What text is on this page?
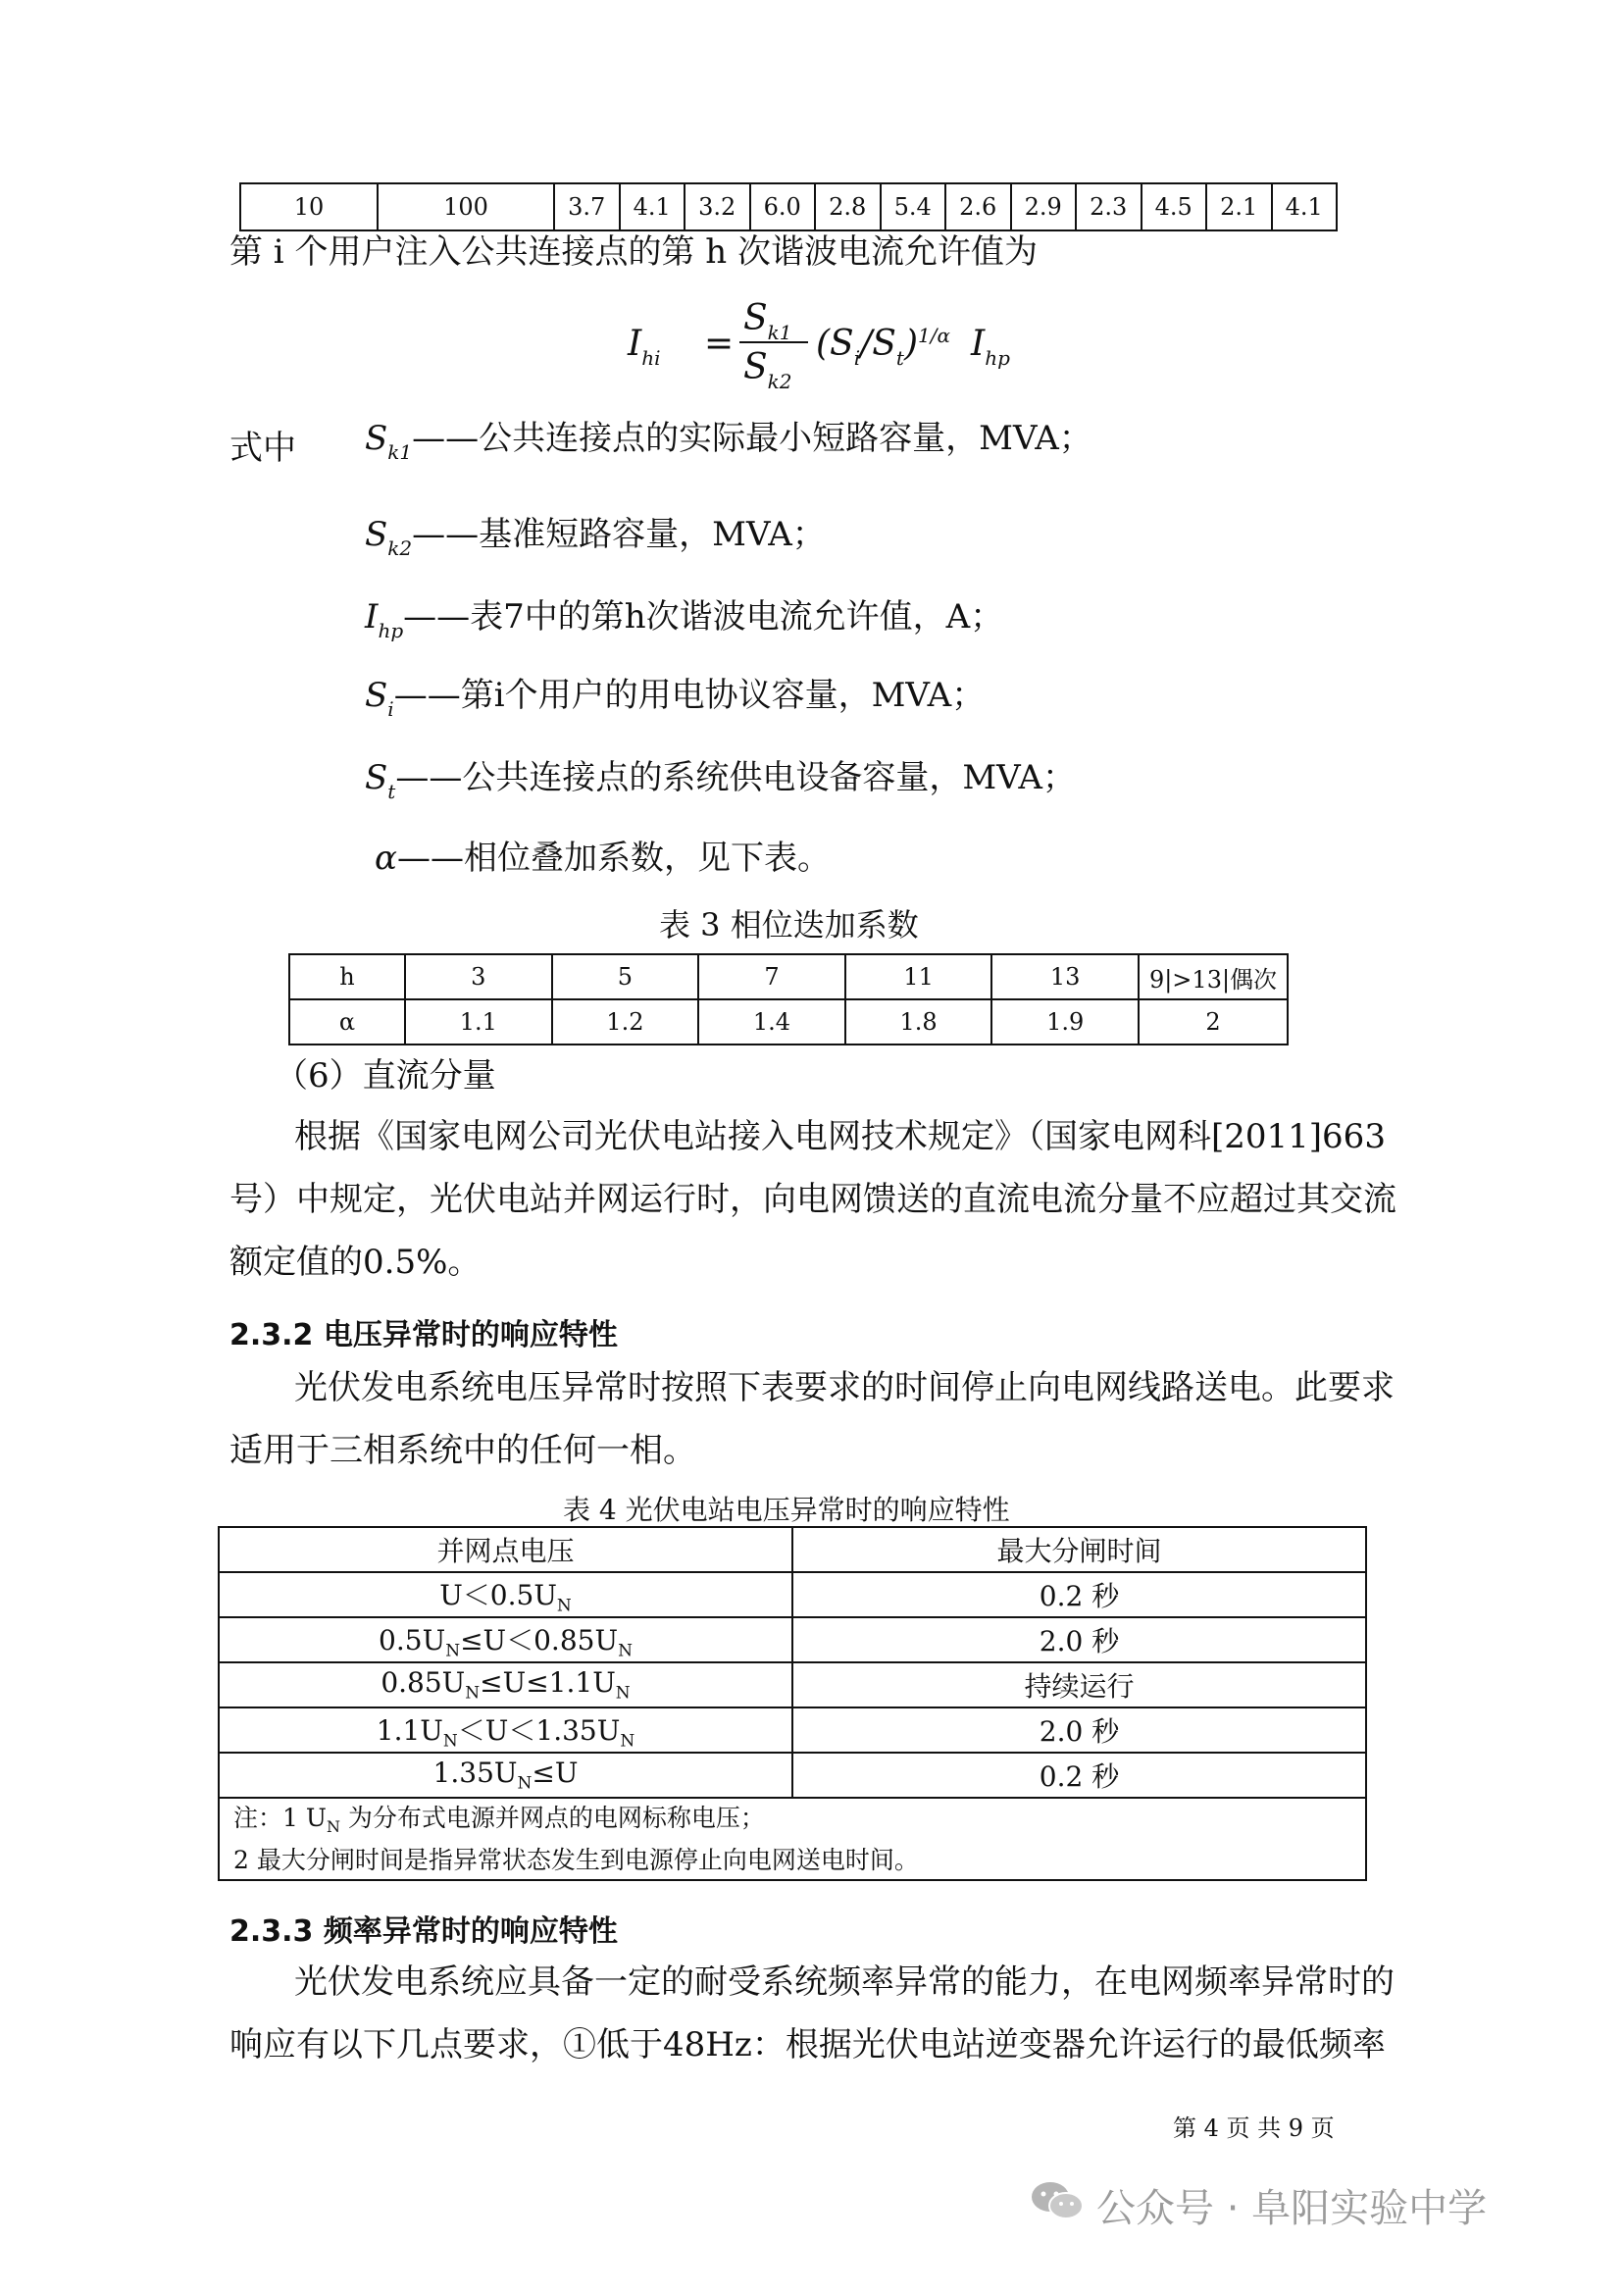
10	100	3.7	4.1	3.2	6.0	2.8	5.4	2.6	2.9	2.3	4.5	2.1	4.1
第 i 个用户注入公共连接点的第 h 次谐波电流允许值为
$I_{hi}$ =
$S_{k1}$
$S_{k2}$
$(S_i/S_t)^{1/\alpha}$ $I_{hp}$
式中 $S_{k1}——$公共连接点的实际最小短路容量，MVA；
$S_{k2}——$基准短路容量，MVA；
$I_{hp}——$表7中的第h次谐波电流允许值，A；
$S_i——$第i个用户的用电协议容量，MVA；
$S_t——$公共连接点的系统供电设备容量，MVA；
α——相位叠加系数，见下表。
表 3 相位迭加系数
h	3	5	7	11	13	9|>13|偶次
α	1.1	1.2	1.4	1.8	1.9	2
（6）直流分量
根据《国家电网公司光伏电站接入电网技术规定》（国家电网科[2011]663
号）中规定，光伏电站并网运行时，向电网馈送的直流电流分量不应超过其交流
额定值的0.5%。
2.3.2 电压异常时的响应特性
光伏发电系统电压异常时按照下表要求的时间停止向电网线路送电。此要求
适用于三相系统中的任何一相。
表 4 光伏电站电压异常时的响应特性
并网点电压	最大分闸时间
$U<0.5U_N$	0.2 秒
$0.5U_N\le U<0.85U_N$	2.0 秒
$0.85U_N\le U\le 1.1U_N$	持续运行
$1.1U_N<U<1.35U_N$	2.0 秒
$1.35U_N\le U$	0.2 秒

注：1 $U_N$ 为分布式电源并网点的电网标称电压；
2 最大分闸时间是指异常状态发生到电源停止向电网送电时间。	
2.3.3 频率异常时的响应特性
光伏发电系统应具备一定的耐受系统频率异常的能力，在电网频率异常时的
响应有以下几点要求，①低于48Hz：根据光伏电站逆变器允许运行的最低频率
第 4 页 共 9 页
公众号 · 阜阳实验中学
